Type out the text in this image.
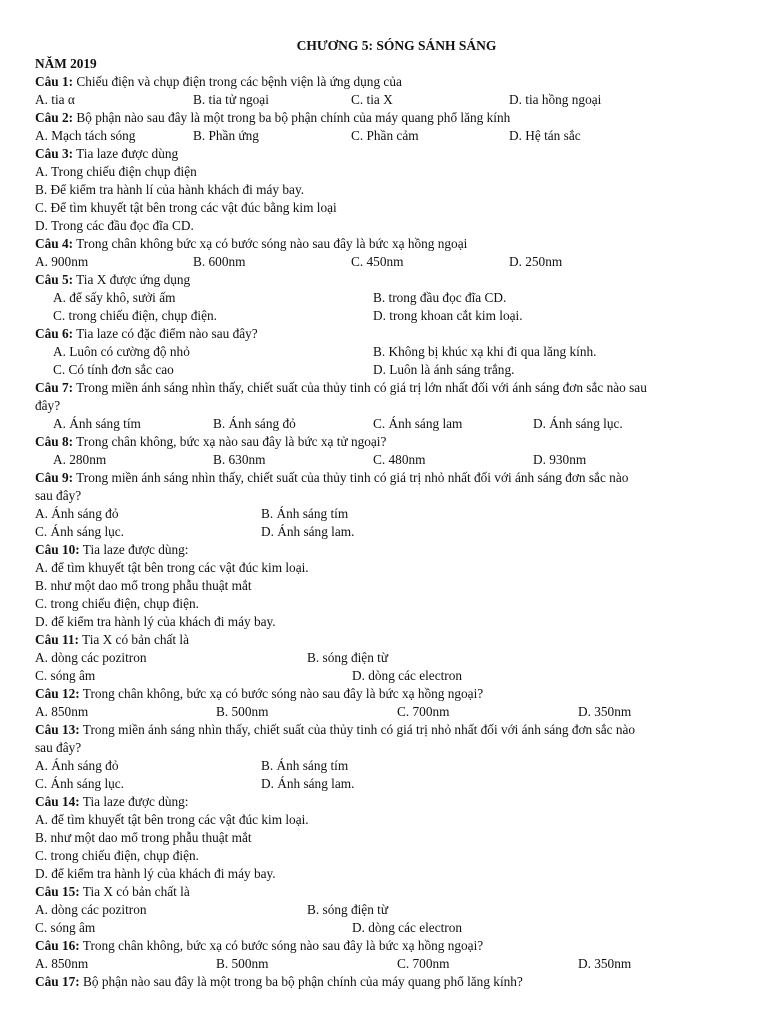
CHƯƠNG 5: SÓNG SÁNH SÁNG
NĂM 2019
Câu 1: Chiếu điện và chụp điện trong các bệnh viện là ứng dụng của
A. tia α	B. tia tử ngoại	C. tia X	D. tia hồng ngoại
Câu 2: Bộ phận nào sau đây là một trong ba bộ phận chính của máy quang phổ lăng kính
A. Mạch tách sóng	B. Phần ứng	C. Phần cảm	D. Hệ tán sắc
Câu 3: Tia laze được dùng
A. Trong chiếu điện chụp điện
B. Để kiểm tra hành lí của hành khách đi máy bay.
C. Để tìm khuyết tật bên trong các vật đúc bằng kim loại
D. Trong các đầu đọc đĩa CD.
Câu 4: Trong chân không bức xạ có bước sóng nào sau đây là bức xạ hồng ngoại
A. 900nm	B. 600nm	C. 450nm	D. 250nm
Câu 5: Tia X được ứng dụng
A. để sấy khô, sưởi ấm	B. trong đầu đọc đĩa CD.
C. trong chiếu điện, chụp điện.	D. trong khoan cắt kim loại.
Câu 6: Tia laze có đặc điểm nào sau đây?
A. Luôn có cường độ nhỏ	B. Không bị khúc xạ khi đi qua lăng kính.
C. Có tính đơn sắc cao	D. Luôn là ánh sáng trắng.
Câu 7: Trong miền ánh sáng nhìn thấy, chiết suất của thủy tinh có giá trị lớn nhất đối với ánh sáng đơn sắc nào sau
đây?
A. Ánh sáng tím	B. Ánh sáng đỏ	C. Ánh sáng lam	D. Ánh sáng lục.
Câu 8: Trong chân không, bức xạ nào sau đây là bức xạ tử ngoại?
A. 280nm	B. 630nm	C. 480nm	D. 930nm
Câu 9: Trong miền ánh sáng nhìn thấy, chiết suất của thủy tinh có giá trị nhỏ nhất đối với ánh sáng đơn sắc nào
sau đây?
A. Ánh sáng đỏ	B. Ánh sáng tím
C. Ánh sáng lục.	D. Ánh sáng lam.
Câu 10: Tia laze được dùng:
A. để tìm khuyết tật bên trong các vật đúc kim loại.
B. như một dao mổ trong phẫu thuật mắt
C. trong chiếu điện, chụp điện.
D. để kiểm tra hành lý của khách đi máy bay.
Câu 11: Tia X có bản chất là
A. dòng các pozitron	B. sóng điện từ
C. sóng âm	D. dòng các electron
Câu 12: Trong chân không, bức xạ có bước sóng nào sau đây là bức xạ hồng ngoại?
A. 850nm	B. 500nm	C. 700nm	D. 350nm
Câu 13: Trong miền ánh sáng nhìn thấy, chiết suất của thủy tinh có giá trị nhỏ nhất đối với ánh sáng đơn sắc nào
sau đây?
A. Ánh sáng đỏ	B. Ánh sáng tím
C. Ánh sáng lục.	D. Ánh sáng lam.
Câu 14: Tia laze được dùng:
A. để tìm khuyết tật bên trong các vật đúc kim loại.
B. như một dao mổ trong phẫu thuật mắt
C. trong chiếu điện, chụp điện.
D. để kiểm tra hành lý của khách đi máy bay.
Câu 15: Tia X có bản chất là
A. dòng các pozitron	B. sóng điện từ
C. sóng âm	D. dòng các electron
Câu 16: Trong chân không, bức xạ có bước sóng nào sau đây là bức xạ hồng ngoại?
A. 850nm	B. 500nm	C. 700nm	D. 350nm
Câu 17: Bộ phận nào sau đây là một trong ba bộ phận chính của máy quang phổ lăng kính?
